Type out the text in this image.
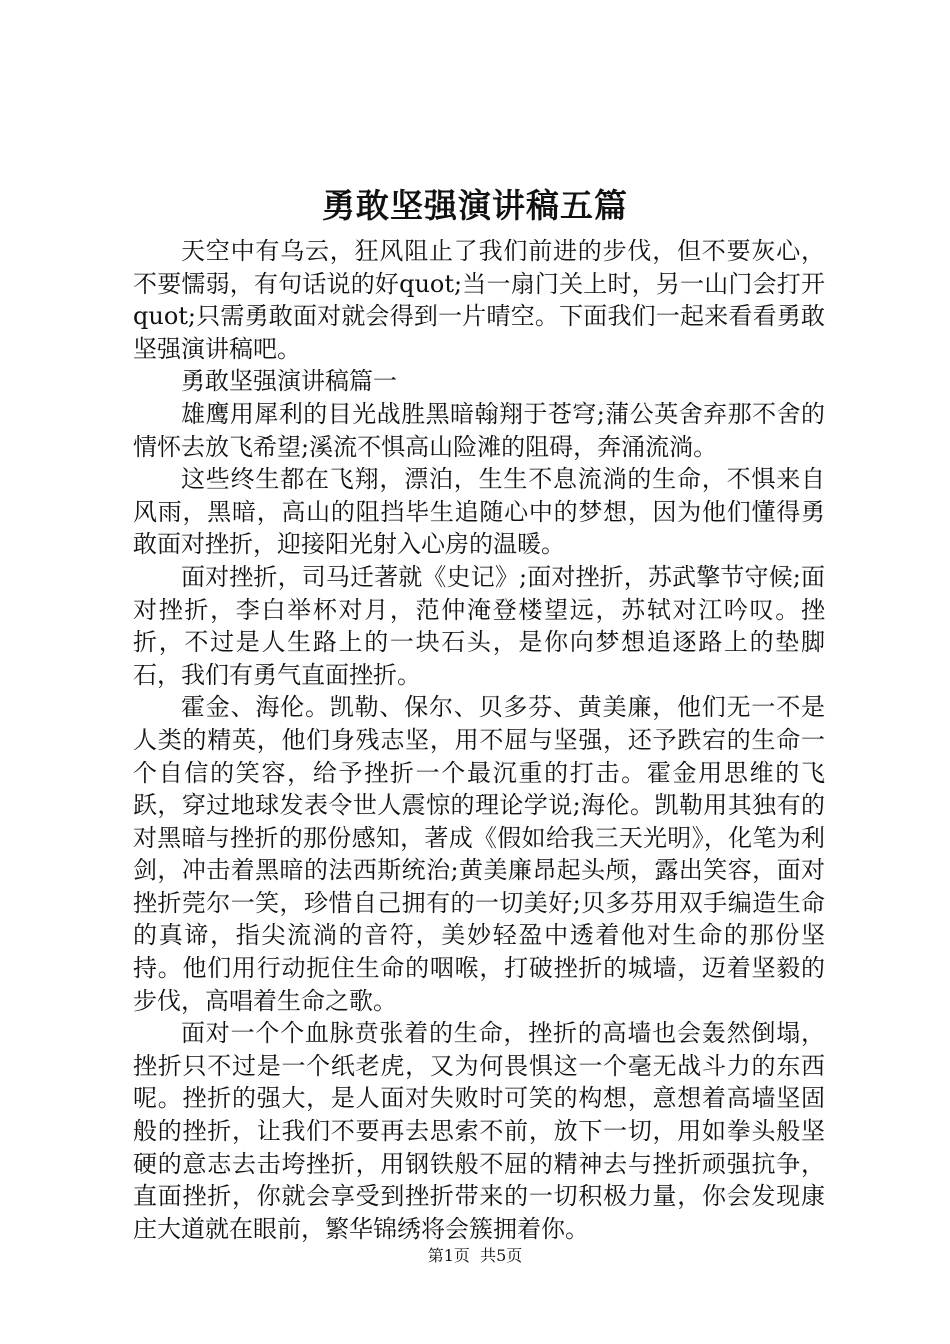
勇敢坚强演讲稿五篇

天空中有乌云，狂风阻止了我们前进的步伐，但不要灰心，不要懦弱，有句话说的好quot;当一扇门关上时，另一山门会打开quot;只需勇敢面对就会得到一片晴空。下面我们一起来看看勇敢坚强演讲稿吧。

勇敢坚强演讲稿篇一

雄鹰用犀利的目光战胜黑暗翰翔于苍穹;蒲公英舍弃那不舍的情怀去放飞希望;溪流不惧高山险滩的阻碍，奔涌流淌。

这些终生都在飞翔，漂泊，生生不息流淌的生命，不惧来自风雨，黑暗，高山的阻挡毕生追随心中的梦想，因为他们懂得勇敢面对挫折，迎接阳光射入心房的温暖。

面对挫折，司马迁著就《史记》;面对挫折，苏武擎节守候;面对挫折，李白举杯对月，范仲淹登楼望远，苏轼对江吟叹。挫折，不过是人生路上的一块石头，是你向梦想追逐路上的垫脚石，我们有勇气直面挫折。

霍金、海伦。凯勒、保尔、贝多芬、黄美廉，他们无一不是人类的精英，他们身残志坚，用不屈与坚强，还予跌宕的生命一个自信的笑容，给予挫折一个最沉重的打击。霍金用思维的飞跃，穿过地球发表令世人震惊的理论学说;海伦。凯勒用其独有的对黑暗与挫折的那份感知，著成《假如给我三天光明》，化笔为利剑，冲击着黑暗的法西斯统治;黄美廉昂起头颅，露出笑容，面对挫折莞尔一笑，珍惜自己拥有的一切美好;贝多芬用双手编造生命的真谛，指尖流淌的音符，美妙轻盈中透着他对生命的那份坚持。他们用行动扼住生命的咽喉，打破挫折的城墙，迈着坚毅的步伐，高唱着生命之歌。

面对一个个血脉贲张着的生命，挫折的高墙也会轰然倒塌，挫折只不过是一个纸老虎，又为何畏惧这一个毫无战斗力的东西呢。挫折的强大，是人面对失败时可笑的构想，意想着高墙坚固般的挫折，让我们不要再去思索不前，放下一切，用如拳头般坚硬的意志去击垮挫折，用钢铁般不屈的精神去与挫折顽强抗争，直面挫折，你就会享受到挫折带来的一切积极力量，你会发现康庄大道就在眼前，繁华锦绣将会簇拥着你。

第1页 共5页
